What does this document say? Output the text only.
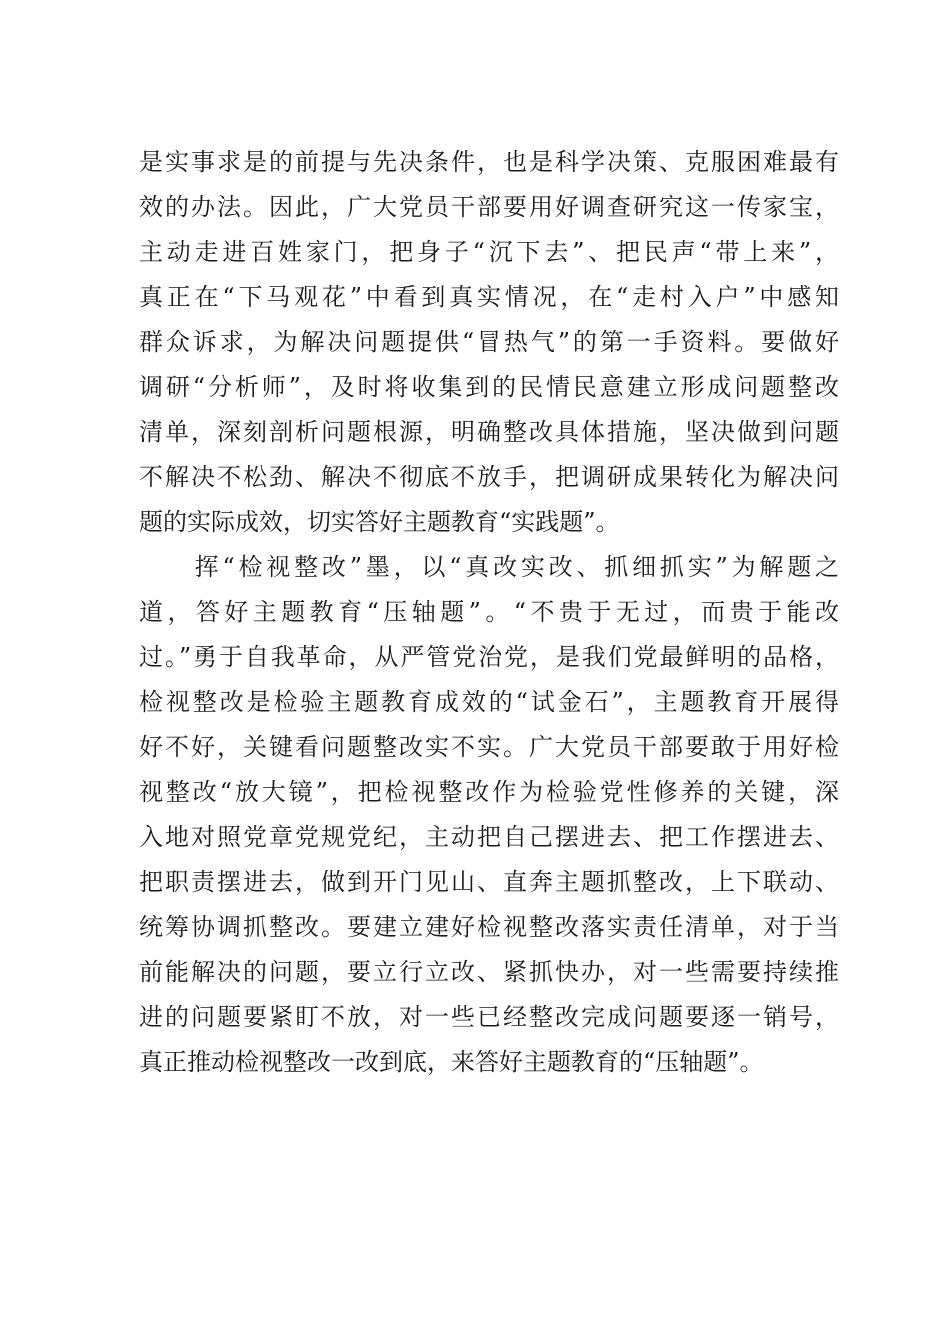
是实事求是的前提与先决条件，也是科学决策、克服困难最有
效的办法。因此，广大党员干部要用好调查研究这一传家宝，
主动走进百姓家门，把身子“沉下去”、把民声“带上来”，
真正在“下马观花”中看到真实情况，在“走村入户”中感知
群众诉求，为解决问题提供“冒热气”的第一手资料。要做好
调研“分析师”，及时将收集到的民情民意建立形成问题整改
清单，深刻剖析问题根源，明确整改具体措施，坚决做到问题
不解决不松劲、解决不彻底不放手，把调研成果转化为解决问
题的实际成效，切实答好主题教育“实践题”。
　　挥“检视整改”墨，以“真改实改、抓细抓实”为解题之
道，答好主题教育“压轴题”。“不贵于无过，而贵于能改
过。”勇于自我革命，从严管党治党，是我们党最鲜明的品格，
检视整改是检验主题教育成效的“试金石”，主题教育开展得
好不好，关键看问题整改实不实。广大党员干部要敢于用好检
视整改“放大镜”，把检视整改作为检验党性修养的关键，深
入地对照党章党规党纪，主动把自己摆进去、把工作摆进去、
把职责摆进去，做到开门见山、直奔主题抓整改，上下联动、
统筹协调抓整改。要建立建好检视整改落实责任清单，对于当
前能解决的问题，要立行立改、紧抓快办，对一些需要持续推
进的问题要紧盯不放，对一些已经整改完成问题要逐一销号，
真正推动检视整改一改到底，来答好主题教育的“压轴题”。
